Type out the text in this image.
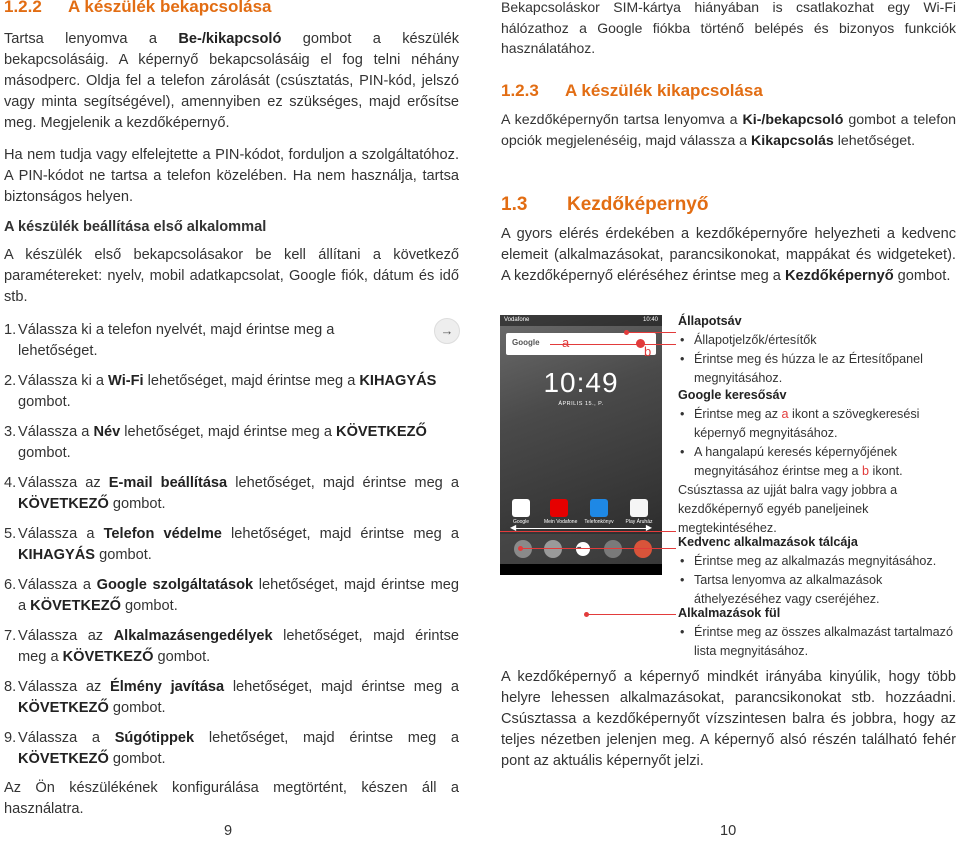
1.2.2 A készülék bekapcsolása
Tartsa lenyomva a Be-/kikapcsoló gombot a készülék bekapcsolásáig. A képernyő bekapcsolásáig el fog telni néhány másodperc. Oldja fel a telefon zárolását (csúsztatás, PIN-kód, jelszó vagy minta segítségével), amennyiben ez szükséges, majd erősítse meg. Megjelenik a kezdőképernyő.
Ha nem tudja vagy elfelejtette a PIN-kódot, forduljon a szolgáltatóhoz. A PIN-kódot ne tartsa a telefon közelében. Ha nem használja, tartsa biztonságos helyen.
A készülék beállítása első alkalommal
A készülék első bekapcsolásakor be kell állítani a következő paramétereket: nyelv, mobil adatkapcsolat, Google fiók, dátum és idő stb.
1. Válassza ki a telefon nyelvét, majd érintse meg a
lehetőséget.
→
2. Válassza ki a Wi-Fi lehetőséget, majd érintse meg a KIHAGYÁS
gombot.
3. Válassza a Név lehetőséget, majd érintse meg a KÖVETKEZŐ
gombot.
4. Válassza az E-mail beállítása lehetőséget, majd érintse meg a KÖVETKEZŐ gombot.
5. Válassza a Telefon védelme lehetőséget, majd érintse meg a KIHAGYÁS gombot.
6. Válassza a Google szolgáltatások lehetőséget, majd érintse meg a KÖVETKEZŐ gombot.
7. Válassza az Alkalmazásengedélyek lehetőséget, majd érintse meg a KÖVETKEZŐ gombot.
8. Válassza az Élmény javítása lehetőséget, majd érintse meg a KÖVETKEZŐ gombot.
9. Válassza a Súgótippek lehetőséget, majd érintse meg a KÖVETKEZŐ gombot.
Az Ön készülékének konfigurálása megtörtént, készen áll a használatra.
9
Bekapcsoláskor SIM-kártya hiányában is csatlakozhat egy Wi-Fi hálózathoz a Google fiókba történő belépés és bizonyos funkciók használatához.
1.2.3 A készülék kikapcsolása
A kezdőképernyőn tartsa lenyomva a Ki-/bekapcsoló gombot a telefon opciók megjelenéséig, majd válassza a Kikapcsolás lehetőséget.
1.3 Kezdőképernyő
A gyors elérés érdekében a kezdőképernyőre helyezheti a kedvenc elemeit (alkalmazásokat, parancsikonokat, mappákat és widgeteket). A kezdőképernyő eléréséhez érintse meg a Kezdőképernyő gombot.
A kezdőképernyő a képernyő mindkét irányába kinyúlik, hogy több helyre lehessen alkalmazásokat, parancsikonokat stb. hozzáadni. Csúsztassa a kezdőképernyőt vízszintesen balra és jobbra, hogy az teljes nézetben jelenjen meg. A képernyő alsó részén található fehér pont az aktuális képernyőt jelzi.
10
Vodafone	10:40
Google a
b
10:49
ÁPRILIS 15., P.
Google	Mein Vodafone Telefonkönyv	Play Áruház
◀	▶
•••
Állapotsáv
• Állapotjelzők/értesítők
• Érintse meg és húzza le az Értesítőpanel megnyitásához.
Google keresősáv
• Érintse meg az a ikont a szövegkeresési képernyő megnyitásához.
• A hangalapú keresés képernyőjének megnyitásához érintse meg a b ikont.
Csúsztassa az ujját balra vagy jobbra a kezdőképernyő egyéb paneljeinek megtekintéséhez.
Kedvenc alkalmazások tálcája
• Érintse meg az alkalmazás megnyitásához.
• Tartsa lenyomva az alkalmazások áthelyezéséhez vagy cseréjéhez.
Alkalmazások fül
• Érintse meg az összes alkalmazást tartalmazó lista megnyitásához.
